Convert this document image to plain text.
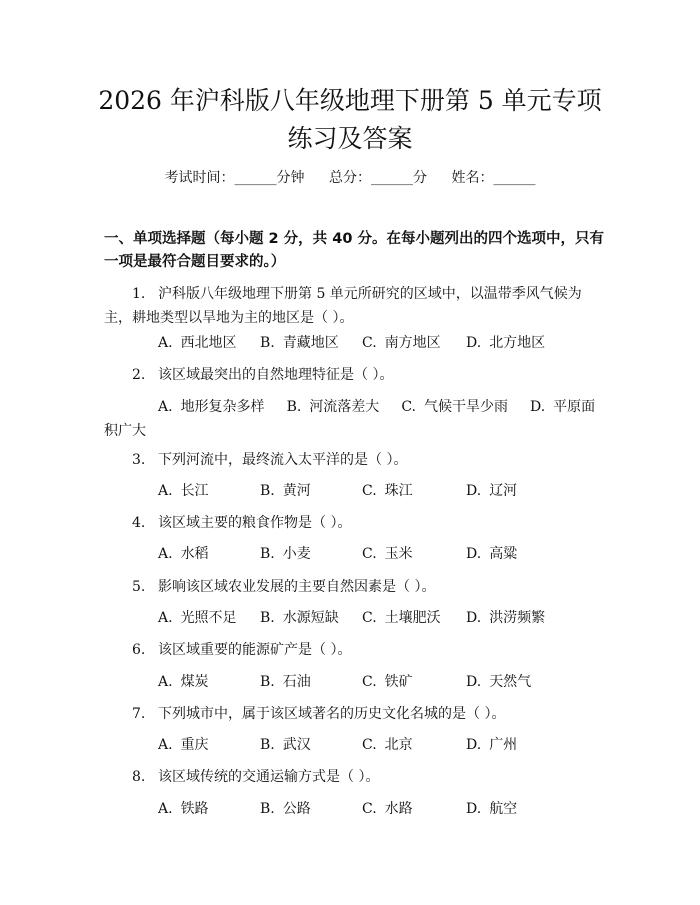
2026 年沪科版八年级地理下册第 5 单元专项
练习及答案
考试时间：______分钟 总分：______分 姓名：______
一、单项选择题（每小题 2 分，共 40 分。在每小题列出的四个选项中，只有一项是最符合题目要求的。）
1. 沪科版八年级地理下册第 5 单元所研究的区域中，以温带季风气候为主，耕地类型以旱地为主的地区是（ ）。
A. 西北地区 B. 青藏地区 C. 南方地区 D. 北方地区
2. 该区域最突出的自然地理特征是（ ）。
A. 地形复杂多样 B. 河流落差大 C. 气候干旱少雨 D. 平原面积广大
3. 下列河流中，最终流入太平洋的是（ ）。
A. 长江	B. 黄河	C. 珠江	D. 辽河
4. 该区域主要的粮食作物是（ ）。
A. 水稻	B. 小麦	C. 玉米	D. 高粱
5. 影响该区域农业发展的主要自然因素是（ ）。
A. 光照不足 B. 水源短缺 C. 土壤肥沃 D. 洪涝频繁
6. 该区域重要的能源矿产是（ ）。
A. 煤炭	B. 石油	C. 铁矿	D. 天然气
7. 下列城市中，属于该区域著名的历史文化名城的是（ ）。
A. 重庆	B. 武汉	C. 北京	D. 广州
8. 该区域传统的交通运输方式是（ ）。
A. 铁路	B. 公路	C. 水路	D. 航空
